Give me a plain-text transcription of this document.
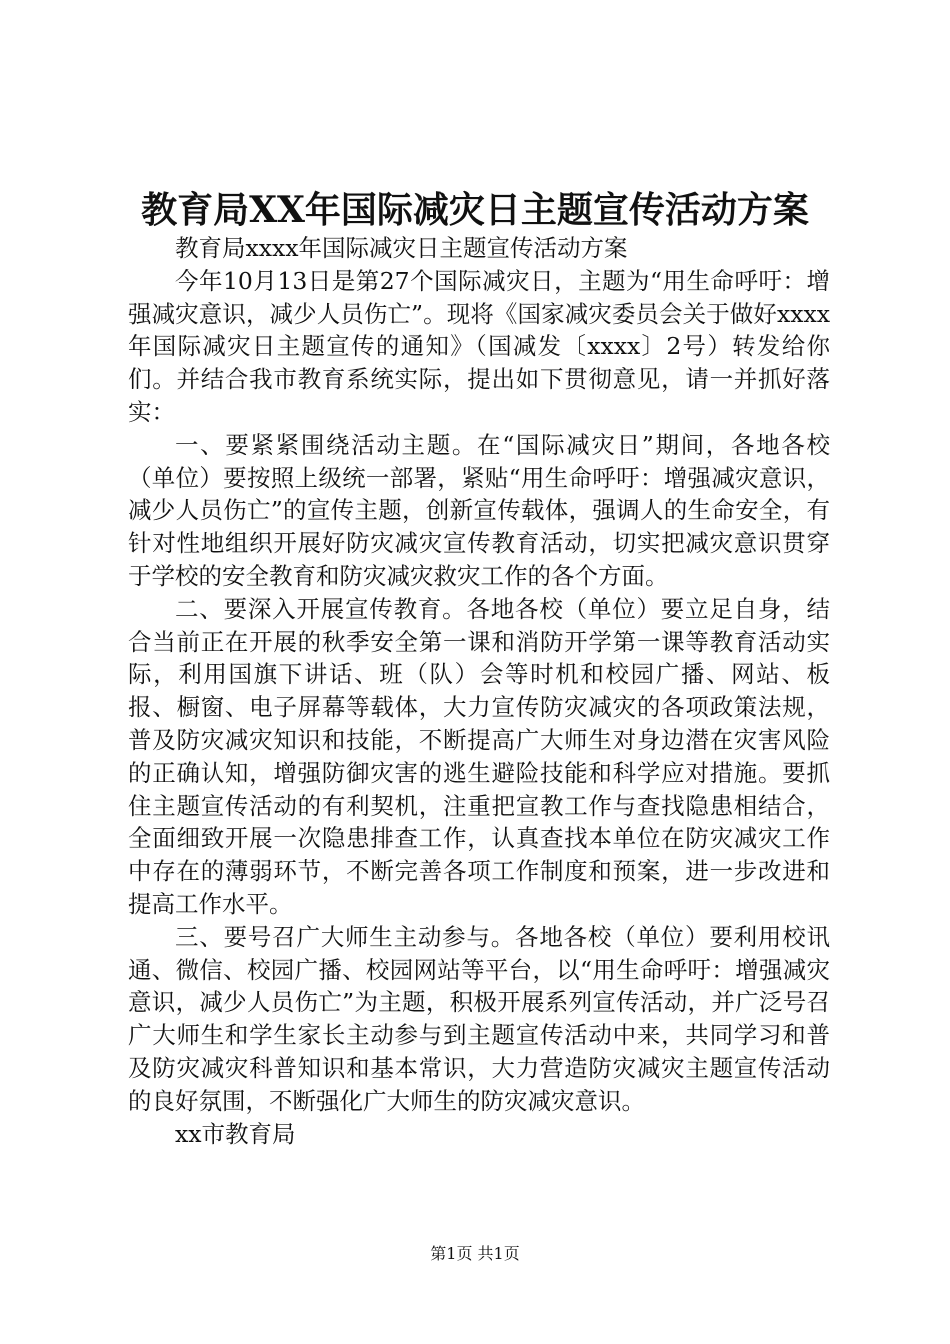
教育局XX年国际减灾日主题宣传活动方案

教育局xxxx年国际减灾日主题宣传活动方案

今年10月13日是第27个国际减灾日，主题为“用生命呼吁：增强减灾意识，减少人员伤亡”。现将《国家减灾委员会关于做好xxxx年国际减灾日主题宣传的通知》（国减发〔xxxx〕2号）转发给你们。并结合我市教育系统实际，提出如下贯彻意见，请一并抓好落实：

一、要紧紧围绕活动主题。在“国际减灾日”期间，各地各校（单位）要按照上级统一部署，紧贴“用生命呼吁：增强减灾意识，减少人员伤亡”的宣传主题，创新宣传载体，强调人的生命安全，有针对性地组织开展好防灾减灾宣传教育活动，切实把减灾意识贯穿于学校的安全教育和防灾减灾救灾工作的各个方面。

二、要深入开展宣传教育。各地各校（单位）要立足自身，结合当前正在开展的秋季安全第一课和消防开学第一课等教育活动实际，利用国旗下讲话、班（队）会等时机和校园广播、网站、板报、橱窗、电子屏幕等载体，大力宣传防灾减灾的各项政策法规，普及防灾减灾知识和技能，不断提高广大师生对身边潜在灾害风险的正确认知，增强防御灾害的逃生避险技能和科学应对措施。要抓住主题宣传活动的有利契机，注重把宣教工作与查找隐患相结合，全面细致开展一次隐患排查工作，认真查找本单位在防灾减灾工作中存在的薄弱环节，不断完善各项工作制度和预案，进一步改进和提高工作水平。

三、要号召广大师生主动参与。各地各校（单位）要利用校讯通、微信、校园广播、校园网站等平台，以“用生命呼吁：增强减灾意识，减少人员伤亡”为主题，积极开展系列宣传活动，并广泛号召广大师生和学生家长主动参与到主题宣传活动中来，共同学习和普及防灾减灾科普知识和基本常识，大力营造防灾减灾主题宣传活动的良好氛围，不断强化广大师生的防灾减灾意识。

xx市教育局

第1页 共1页
